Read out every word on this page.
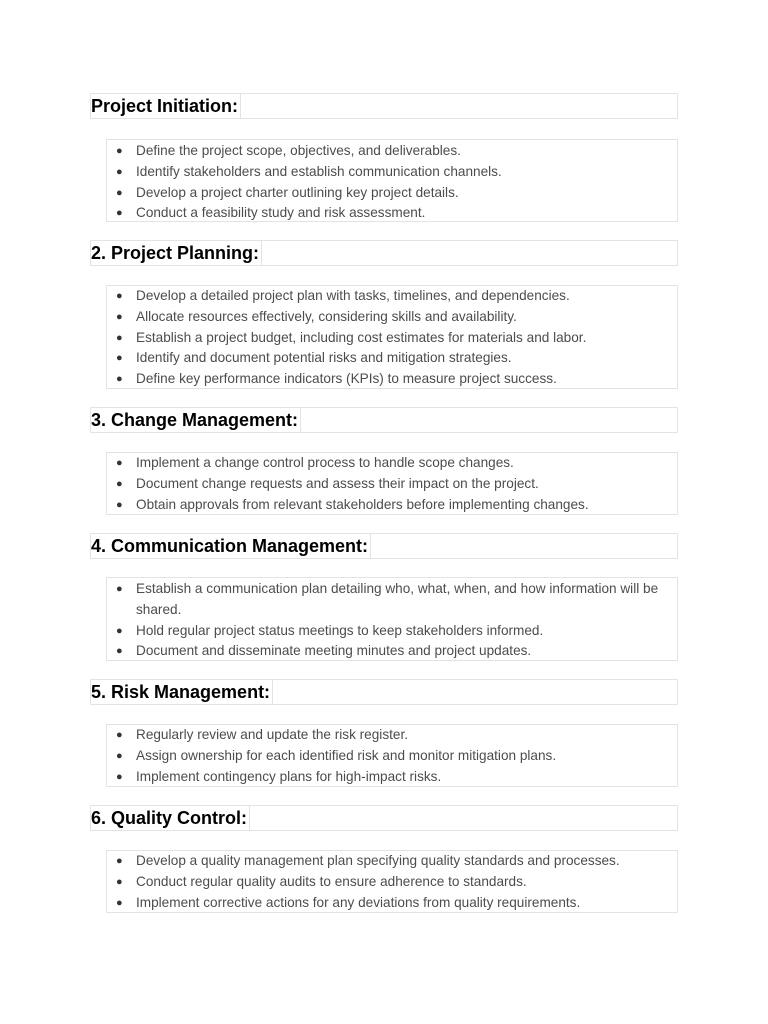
Project Initiation:
● Define the project scope, objectives, and deliverables.
● Identify stakeholders and establish communication channels.
● Develop a project charter outlining key project details.
● Conduct a feasibility study and risk assessment.
2. Project Planning:
● Develop a detailed project plan with tasks, timelines, and dependencies.
● Allocate resources effectively, considering skills and availability.
● Establish a project budget, including cost estimates for materials and labor.
● Identify and document potential risks and mitigation strategies.
● Define key performance indicators (KPIs) to measure project success.
3. Change Management:
● Implement a change control process to handle scope changes.
● Document change requests and assess their impact on the project.
● Obtain approvals from relevant stakeholders before implementing changes.
4. Communication Management:
● Establish a communication plan detailing who, what, when, and how information will be shared.
● Hold regular project status meetings to keep stakeholders informed.
● Document and disseminate meeting minutes and project updates.
5. Risk Management:
● Regularly review and update the risk register.
● Assign ownership for each identified risk and monitor mitigation plans.
● Implement contingency plans for high-impact risks.
6. Quality Control:
● Develop a quality management plan specifying quality standards and processes.
● Conduct regular quality audits to ensure adherence to standards.
● Implement corrective actions for any deviations from quality requirements.
